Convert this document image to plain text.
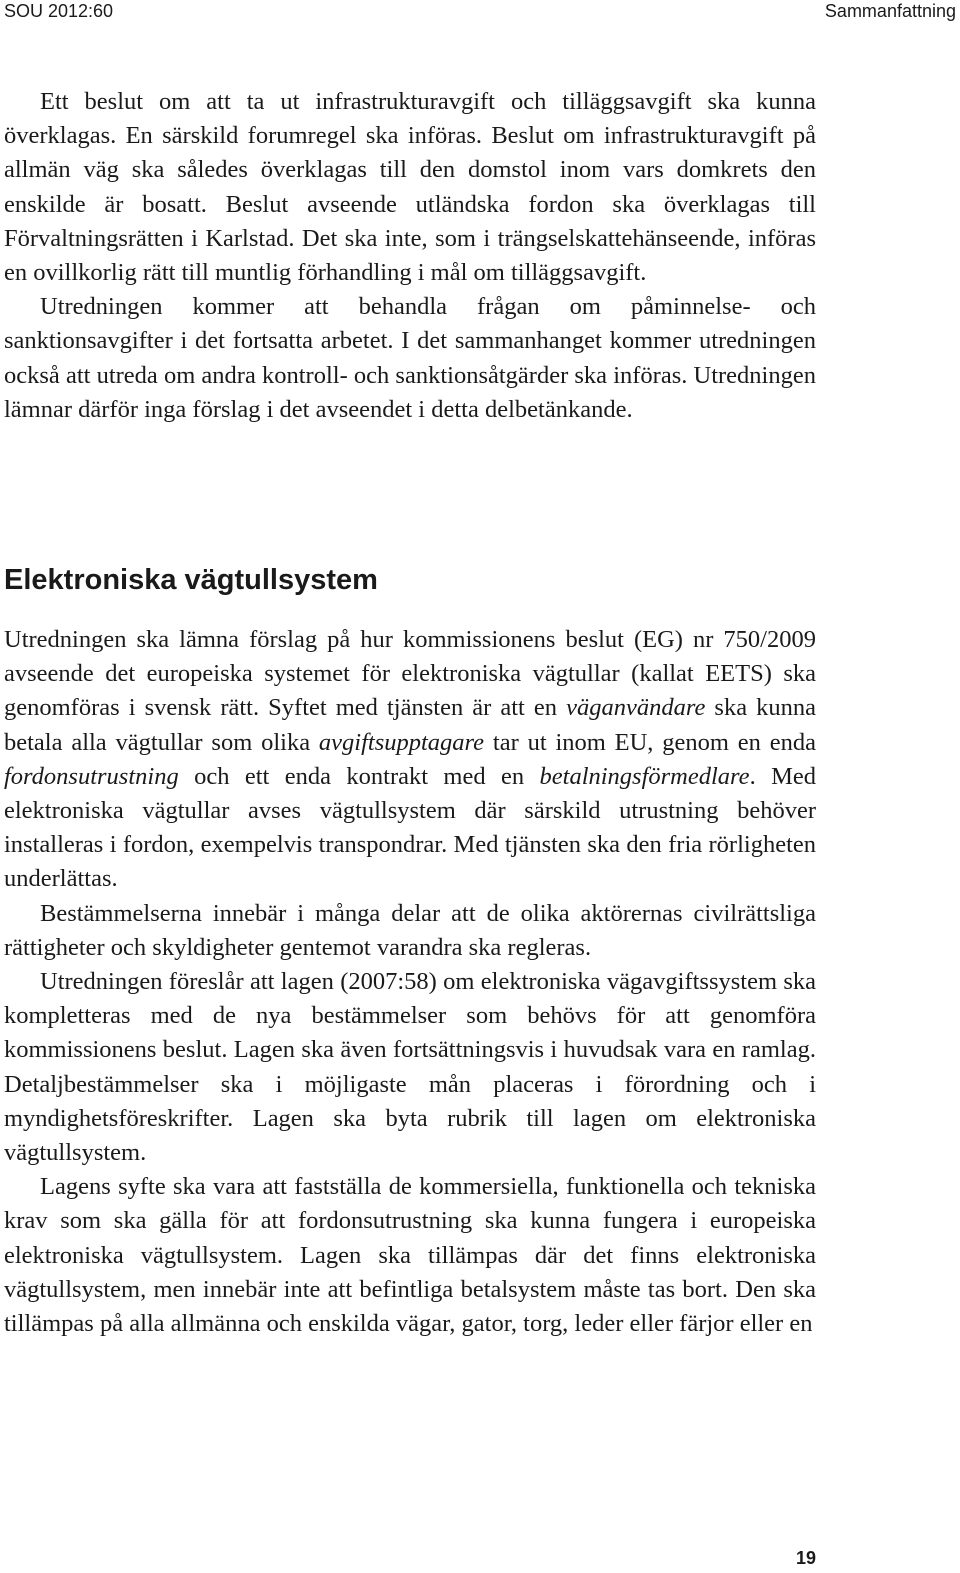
SOU 2012:60	Sammanfattning

Ett beslut om att ta ut infrastrukturavgift och tilläggsavgift ska kunna överklagas. En särskild forumregel ska införas. Beslut om infrastrukturavgift på allmän väg ska således överklagas till den domstol inom vars domkrets den enskilde är bosatt. Beslut avseende utländska fordon ska överklagas till Förvaltningsrätten i Karlstad. Det ska inte, som i trängselskattehänseende, införas en ovillkorlig rätt till muntlig förhandling i mål om tilläggsavgift.

Utredningen kommer att behandla frågan om påminnelse- och sanktionsavgifter i det fortsatta arbetet. I det sammanhanget kommer utredningen också att utreda om andra kontroll- och sanktionsåtgärder ska införas. Utredningen lämnar därför inga förslag i det avseendet i detta delbetänkande.

Elektroniska vägtullsystem

Utredningen ska lämna förslag på hur kommissionens beslut (EG) nr 750/2009 avseende det europeiska systemet för elektroniska vägtullar (kallat EETS) ska genomföras i svensk rätt. Syftet med tjänsten är att en väganvändare ska kunna betala alla vägtullar som olika avgiftsupptagare tar ut inom EU, genom en enda fordonsutrustning och ett enda kontrakt med en betalningsförmedlare. Med elektroniska vägtullar avses vägtullsystem där särskild utrustning behöver installeras i fordon, exempelvis transpondrar. Med tjänsten ska den fria rörligheten underlättas.

Bestämmelserna innebär i många delar att de olika aktörernas civilrättsliga rättigheter och skyldigheter gentemot varandra ska regleras.

Utredningen föreslår att lagen (2007:58) om elektroniska vägavgiftssystem ska kompletteras med de nya bestämmelser som behövs för att genomföra kommissionens beslut. Lagen ska även fortsättningsvis i huvudsak vara en ramlag. Detaljbestämmelser ska i möjligaste mån placeras i förordning och i myndighetsföreskrifter. Lagen ska byta rubrik till lagen om elektroniska vägtullsystem.

Lagens syfte ska vara att fastställa de kommersiella, funktionella och tekniska krav som ska gälla för att fordonsutrustning ska kunna fungera i europeiska elektroniska vägtullsystem. Lagen ska tillämpas där det finns elektroniska vägtullsystem, men innebär inte att befintliga betalsystem måste tas bort. Den ska tillämpas på alla allmänna och enskilda vägar, gator, torg, leder eller färjor eller en

19
